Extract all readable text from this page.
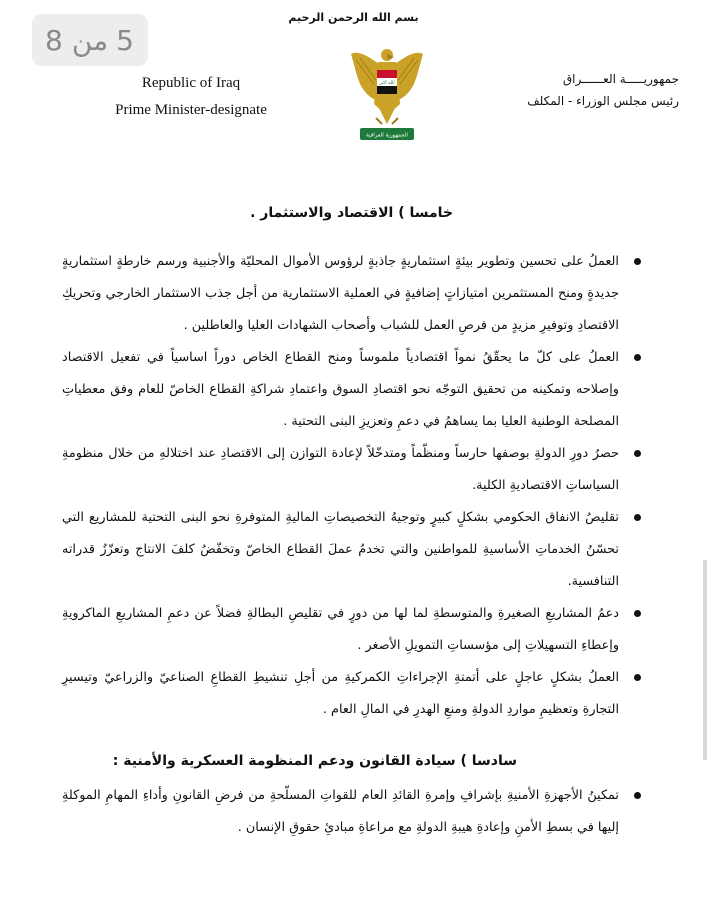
5
من
8
بسم الله الرحمن الرحيم
Republic of Iraq
Prime Minister-designate
جمهوريـــــة العــــــراق
رئيس مجلس الوزراء - المكلف
الله أكبر
الجمهورية العراقية
خامسا ) الاقتصاد والاستثمار .
العملُ على تحسين وتطوير بيئةٍ استثماريةٍ جاذبةٍ لرؤوس الأموال المحليّة والأجنبية ورسم خارطةٍ استثماريةٍ جديدةٍ ومنح المستثمرين امتيازاتٍ إضافيةٍ في العملية الاستثمارية من أجل جذب الاستثمار الخارجي وتحريكِ الاقتصادِ وتوفيرِ مزيدٍ من فرصِ العمل للشباب وأصحاب الشهادات العليا والعاطلين .
العملُ على كلّ ما يحقّقُ نمواً اقتصادياً ملموساً ومنح القطاع الخاص دوراً اساسياً في تفعيل الاقتصاد وإصلاحه وتمكينه من تحقيق التوجّه نحو اقتصادِ السوق واعتمادِ شراكةِ القطاع الخاصّ للعام وفق معطياتِ المصلحة الوطنية العليا بما يساهمُ في دعمِ وتعزيزِ البنى التحتية .
حصرُ دورِ الدولةِ بوصفها حارساً ومنظّماً ومتدخّلاً لإعادة التوازن إلى الاقتصادِ عند اختلالهِ من خلال منظومةِ السياساتِ الاقتصاديةِ الكلية.
تقليصُ الانفاق الحكومي بشكلٍ كبيرٍ وتوجيهُ التخصيصاتِ الماليةِ المتوفرةِ نحو البنى التحتية للمشاريع التي تحسّنُ الخدماتِ الأساسيةِ للمواطنين والتي تخدمُ عملَ القطاع الخاصّ وتخفّضُ كلفَ الانتاج وتعزّزُ قدراته التنافسية.
دعمُ المشاريعِ الصغيرةِ والمتوسطةِ لما لها من دورٍ في تقليصِ البطالةِ فضلاً عن دعمِ المشاريعِ الماكرويةِ وإعطاءِ التسهيلاتِ إلى مؤسساتِ التمويلِ الأصغر .
العملُ بشكلٍ عاجلٍ على أتمتةِ الإجراءاتِ الكمركيةِ من أجلِ تنشيطِ القطاعِ الصناعيّ والزراعيّ وتيسيرِ التجارةِ وتعظيمِ مواردِ الدولةِ ومنعِ الهدرِ في المالِ العام .
سادسا ) سيادة القانون ودعم المنظومة العسكرية والأمنية :
تمكينُ الأجهزةِ الأمنيةِ بإشرافِ وإمرةِ القائدِ العام للقواتِ المسلّحةِ من فرضِ القانونِ وأداءِ المهامِ الموكلةِ إليها في بسطِ الأمنِ وإعادةِ هيبةِ الدولةِ مع مراعاةِ مبادئِ حقوقِ الإنسان .
